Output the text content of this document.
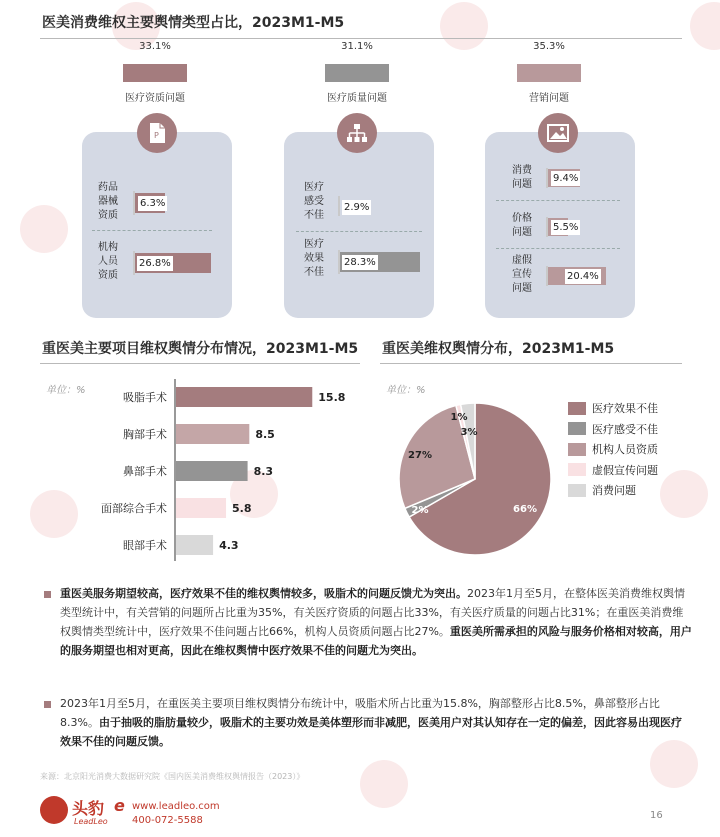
医美消费维权主要舆情类型占比，2023M1-M5
33.1%
医疗资质问题
31.1%
医疗质量问题
35.3%
营销问题
P
药品
器械
资质
6.3%
机构
人员
资质
26.8%
医疗
感受
不佳
2.9%
医疗
效果
不佳
28.3%
消费
问题
9.4%
价格
问题 5.5%
虚假
宣传
问题
20.4%
重医美主要项目维权舆情分布情况，2023M1-M5
单位：%
吸脂手术	15.8
胸部手术	8.5
鼻部手术	8.3
面部综合手术	5.8
眼部手术	4.3
重医美维权舆情分布，2023M1-M5
单位：%
66%
2%
27%
1%
3%
医疗效果不佳
医疗感受不佳
机构人员资质
虚假宣传问题
消费问题
重医美服务期望较高，医疗效果不佳的维权舆情较多，吸脂术的问题反馈尤为突出。2023年1月至5月，在整体医美消费维权舆情类型统计中，有关营销的问题所占比重为35%，有关医疗资质的问题占比33%，有关医疗质量的问题占比31%；在重医美消费维权舆情类型统计中，医疗效果不佳问题占比66%，机构人员资质问题占比27%。重医美所需承担的风险与服务价格相对较高，用户的服务期望也相对更高，因此在维权舆情中医疗效果不佳的问题尤为突出。
2023年1月至5月，在重医美主要项目维权舆情分布统计中，吸脂术所占比重为15.8%，胸部整形占比8.5%，鼻部整形占比8.3%。由于抽吸的脂肪量较少，吸脂术的主要功效是美体塑形而非减肥，医美用户对其认知存在一定的偏差，因此容易出现医疗效果不佳的问题反馈。
来源：北京阳光消费大数据研究院《国内医美消费维权舆情报告（2023）》
头豹
LeadLeo
e www.leadleo.com
400-072-5588	16
